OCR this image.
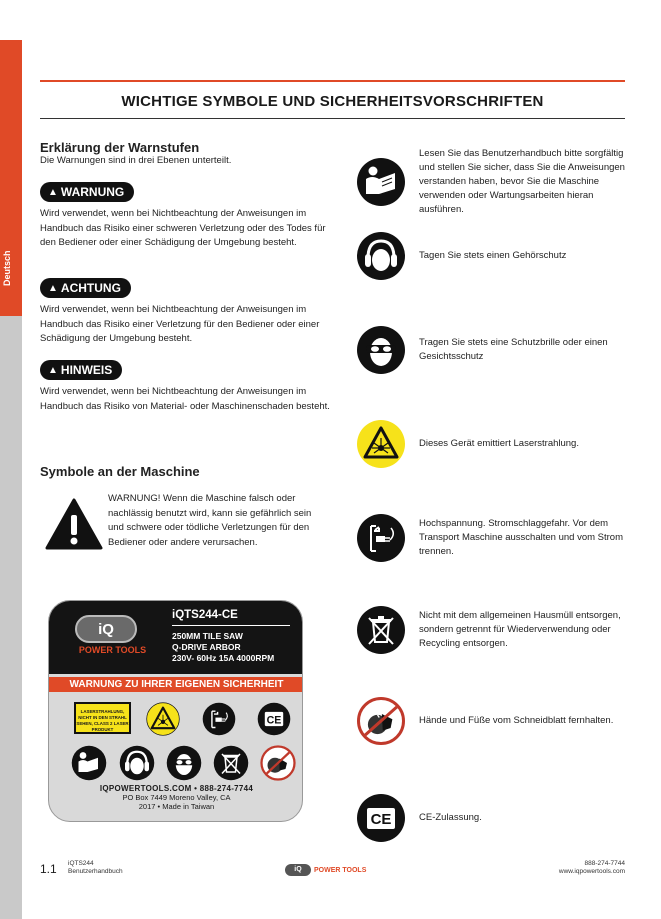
Deutsch
WICHTIGE SYMBOLE UND SICHERHEITSVORSCHRIFTEN
Erklärung der Warnstufen
Die Warnungen sind in drei Ebenen unterteilt.
▲ WARNUNG
Wird verwendet, wenn bei Nichtbeachtung der Anweisungen im Handbuch das Risiko einer schweren Verletzung oder des Todes für den Bediener oder einer Schädigung der Umgebung besteht.
▲ ACHTUNG
Wird verwendet, wenn bei Nichtbeachtung der Anweisungen im Handbuch das Risiko einer Verletzung für den Bediener oder einer Schädigung der Umgebung besteht.
▲ HINWEIS
Wird verwendet, wenn bei Nichtbeachtung der Anweisungen im Handbuch das Risiko von Material- oder Maschinenschaden besteht.
Symbole an der Maschine
WARNUNG! Wenn die Maschine falsch oder nachlässig benutzt wird, kann sie gefährlich sein und schwere oder tödliche Verletzungen für den Bediener oder andere verursachen.
iQ
POWER TOOLS
iQTS244-CE
250MM TILE SAW
Q-DRIVE ARBOR
230V- 60Hz 15A 4000RPM
WARNUNG ZU IHRER EIGENEN SICHERHEIT
LASERSTRAHLUNG, NICHT IN DEN STRAHL SEHEN, CLASS 2 LASER PRODUKT
CE
IQPOWERTOOLS.COM • 888-274-7744
PO Box 7449 Moreno Valley, CA
2017 • Made in Taiwan
Lesen Sie das Benutzerhandbuch bitte sorgfältig und stellen Sie sicher, dass Sie die Anweisungen verstanden haben, bevor Sie die Maschine verwenden oder Wartungsarbeiten hieran ausführen.
Tagen Sie stets einen Gehörschutz
Tragen Sie stets eine Schutzbrille oder einen Gesichtsschutz
Dieses Gerät emittiert Laserstrahlung.
Hochspannung. Stromschlaggefahr. Vor dem Transport Maschine ausschalten und vom Strom trennen.
Nicht mit dem allgemeinen Hausmüll entsorgen, sondern getrennt für Wiederverwendung oder Recycling entsorgen.
Hände und Füße vom Schneidblatt fernhalten.
CE	CE-Zulassung.
1.1 iQTS244
Benutzerhandbuch	iQ	POWER TOOLS
888-274-7744
www.iqpowertools.com
